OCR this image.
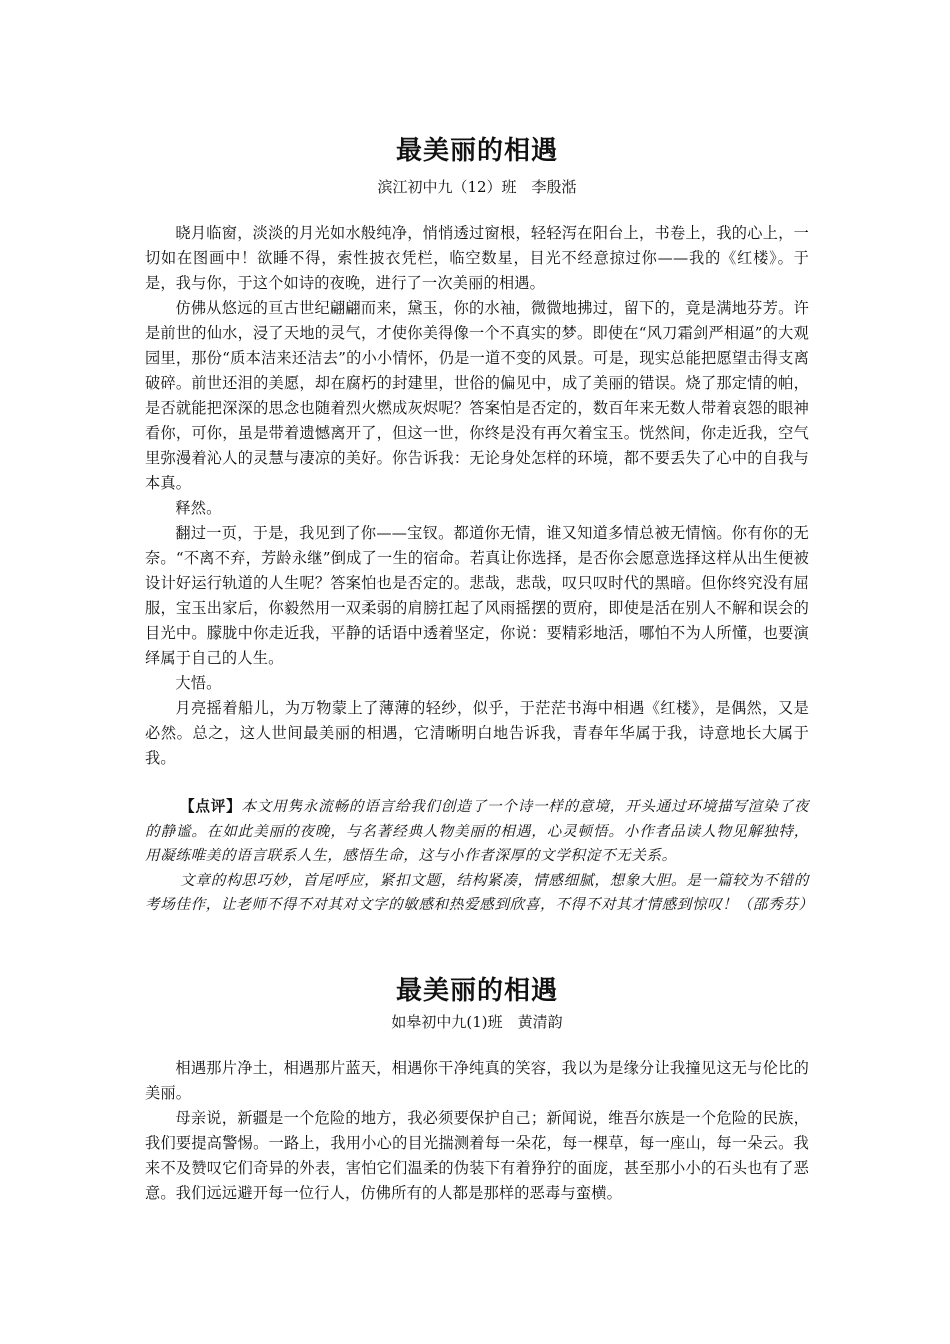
最美丽的相遇
滨江初中九（12）班　李殷湉

晓月临窗，淡淡的月光如水般纯净，悄悄透过窗根，轻轻泻在阳台上，书卷上，我的心上，一切如在图画中！欲睡不得，索性披衣凭栏，临空数星，目光不经意掠过你——我的《红楼》。于是，我与你，于这个如诗的夜晚，进行了一次美丽的相遇。

仿佛从悠远的亘古世纪翩翩而来，黛玉，你的水袖，微微地拂过，留下的，竟是满地芬芳。许是前世的仙水，浸了天地的灵气，才使你美得像一个不真实的梦。即使在“风刀霜剑严相逼”的大观园里，那份“质本洁来还洁去”的小小情怀，仍是一道不变的风景。可是，现实总能把愿望击得支离破碎。前世还泪的美愿，却在腐朽的封建里，世俗的偏见中，成了美丽的错误。烧了那定情的帕，是否就能把深深的思念也随着烈火燃成灰烬呢？答案怕是否定的，数百年来无数人带着哀怨的眼神看你，可你，虽是带着遗憾离开了，但这一世，你终是没有再欠着宝玉。恍然间，你走近我，空气里弥漫着沁人的灵慧与凄凉的美好。你告诉我：无论身处怎样的环境，都不要丢失了心中的自我与本真。

释然。

翻过一页，于是，我见到了你——宝钗。都道你无情，谁又知道多情总被无情恼。你有你的无奈。“不离不弃，芳龄永继”倒成了一生的宿命。若真让你选择，是否你会愿意选择这样从出生便被设计好运行轨道的人生呢？答案怕也是否定的。悲哉，悲哉，叹只叹时代的黑暗。但你终究没有屈服，宝玉出家后，你毅然用一双柔弱的肩膀扛起了风雨摇摆的贾府，即使是活在别人不解和误会的目光中。朦胧中你走近我，平静的话语中透着坚定，你说：要精彩地活，哪怕不为人所懂，也要演绎属于自己的人生。

大悟。

月亮摇着船儿，为万物蒙上了薄薄的轻纱，似乎，于茫茫书海中相遇《红楼》，是偶然，又是必然。总之，这人世间最美丽的相遇，它清晰明白地告诉我，青春年华属于我，诗意地长大属于我。

【点评】本文用隽永流畅的语言给我们创造了一个诗一样的意境，开头通过环境描写渲染了夜的静谧。在如此美丽的夜晚，与名著经典人物美丽的相遇，心灵顿悟。小作者品读人物见解独特，用凝练唯美的语言联系人生，感悟生命，这与小作者深厚的文学积淀不无关系。

文章的构思巧妙，首尾呼应，紧扣文题，结构紧凑，情感细腻，想象大胆。是一篇较为不错的考场佳作，让老师不得不对其对文字的敏感和热爱感到欣喜，不得不对其才情感到惊叹！（邵秀芬）

最美丽的相遇
如皋初中九(1)班　黄清韵

相遇那片净土，相遇那片蓝天，相遇你干净纯真的笑容，我以为是缘分让我撞见这无与伦比的美丽。

母亲说，新疆是一个危险的地方，我必须要保护自己；新闻说，维吾尔族是一个危险的民族，我们要提高警惕。一路上，我用小心的目光揣测着每一朵花，每一棵草，每一座山，每一朵云。我来不及赞叹它们奇异的外表，害怕它们温柔的伪装下有着狰狞的面庞，甚至那小小的石头也有了恶意。我们远远避开每一位行人，仿佛所有的人都是那样的恶毒与蛮横。
